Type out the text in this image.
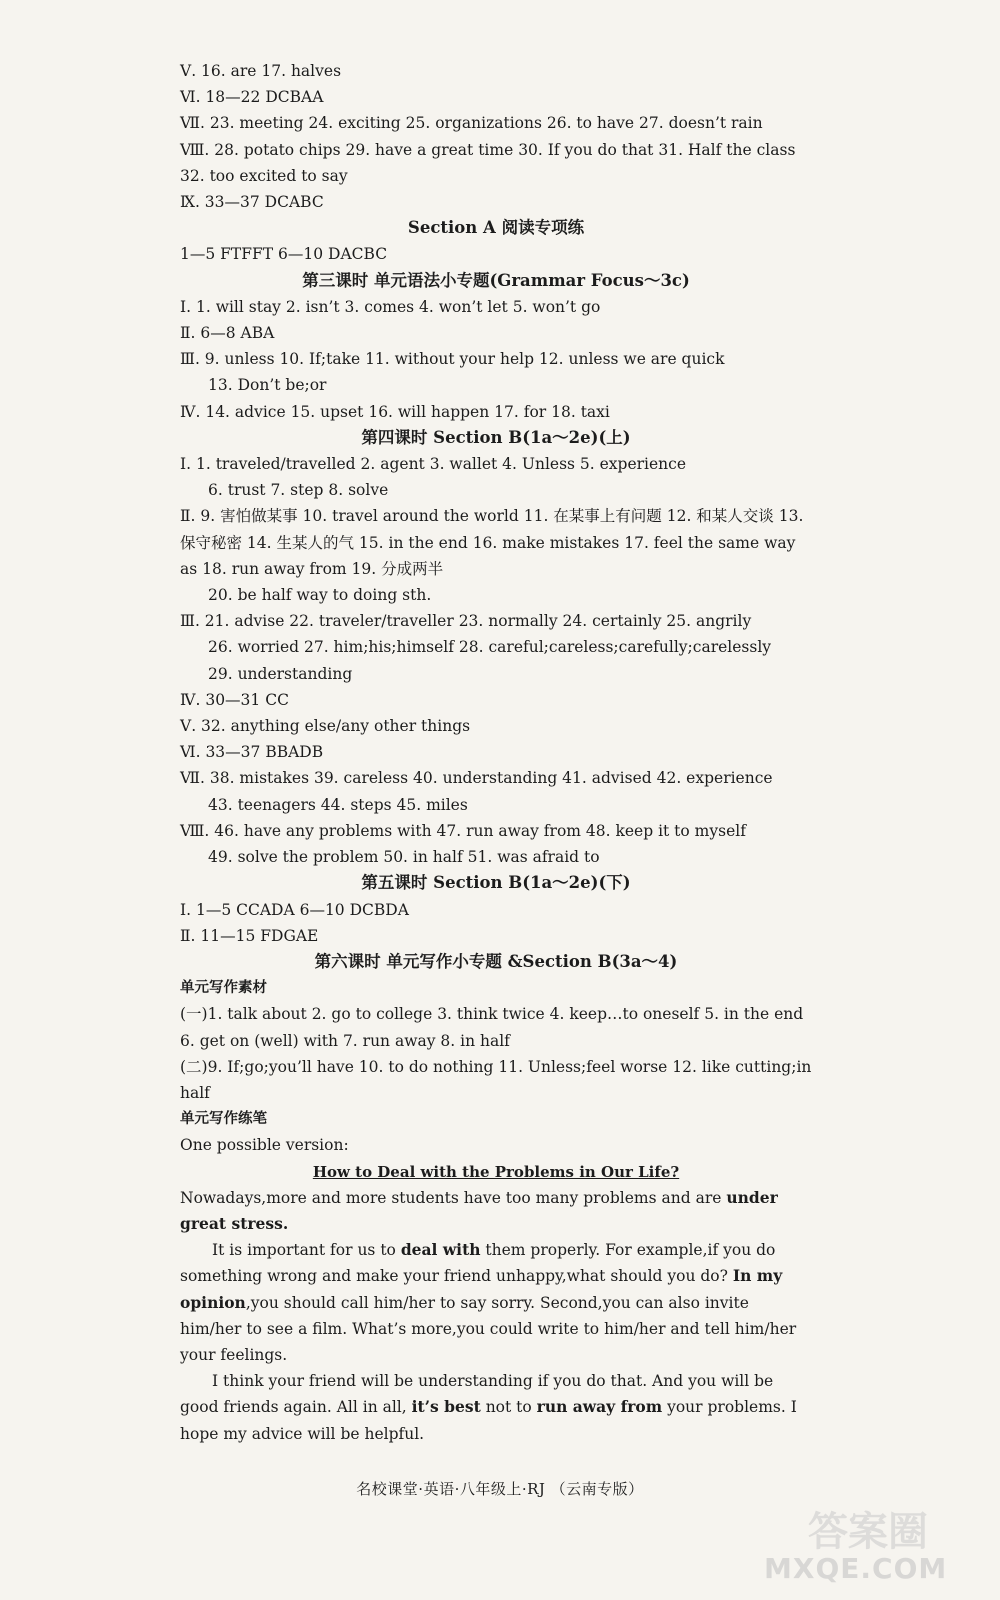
Ⅴ. 16. are 17. halves
Ⅵ. 18—22 DCBAA
Ⅶ. 23. meeting 24. exciting 25. organizations 26. to have 27. doesn’t rain
Ⅷ. 28. potato chips 29. have a great time 30. If you do that 31. Half the class 32. too excited to say
Ⅸ. 33—37 DCABC
Section A 阅读专项练
1—5 FTFFT 6—10 DACBC
第三课时 单元语法小专题(Grammar Focus～3c)
Ⅰ. 1. will stay 2. isn’t 3. comes 4. won’t let 5. won’t go
Ⅱ. 6—8 ABA
Ⅲ. 9. unless 10. If;take 11. without your help 12. unless we are quick
13. Don’t be;or
Ⅳ. 14. advice 15. upset 16. will happen 17. for 18. taxi
第四课时 Section B(1a～2e)(上)
Ⅰ. 1. traveled/travelled 2. agent 3. wallet 4. Unless 5. experience
6. trust 7. step 8. solve
Ⅱ. 9. 害怕做某事 10. travel around the world 11. 在某事上有问题 12. 和某人交谈 13. 保守秘密 14. 生某人的气 15. in the end 16. make mistakes 17. feel the same way as 18. run away from 19. 分成两半
20. be half way to doing sth.
Ⅲ. 21. advise 22. traveler/traveller 23. normally 24. certainly 25. angrily
26. worried 27. him;his;himself 28. careful;careless;carefully;carelessly
29. understanding
Ⅳ. 30—31 CC
Ⅴ. 32. anything else/any other things
Ⅵ. 33—37 BBADB
Ⅶ. 38. mistakes 39. careless 40. understanding 41. advised 42. experience
43. teenagers 44. steps 45. miles
Ⅷ. 46. have any problems with 47. run away from 48. keep it to myself
49. solve the problem 50. in half 51. was afraid to
第五课时 Section B(1a～2e)(下)
Ⅰ. 1—5 CCADA 6—10 DCBDA
Ⅱ. 11—15 FDGAE
第六课时 单元写作小专题 &Section B(3a～4)
单元写作素材
(一)1. talk about 2. go to college 3. think twice 4. keep…to oneself 5. in the end 6. get on (well) with 7. run away 8. in half
(二)9. If;go;you’ll have 10. to do nothing 11. Unless;feel worse 12. like cutting;in half
单元写作练笔
One possible version:
How to Deal with the Problems in Our Life?
Nowadays,more and more students have too many problems and are under great stress.
It is important for us to deal with them properly. For example,if you do something wrong and make your friend unhappy,what should you do? In my opinion,you should call him/her to say sorry. Second,you can also invite him/her to see a film. What’s more,you could write to him/her and tell him/her your feelings.
I think your friend will be understanding if you do that. And you will be good friends again. All in all, it’s best not to run away from your problems. I hope my advice will be helpful.
名校课堂·英语·八年级上·RJ （云南专版）
答案圈
MXQE.COM
